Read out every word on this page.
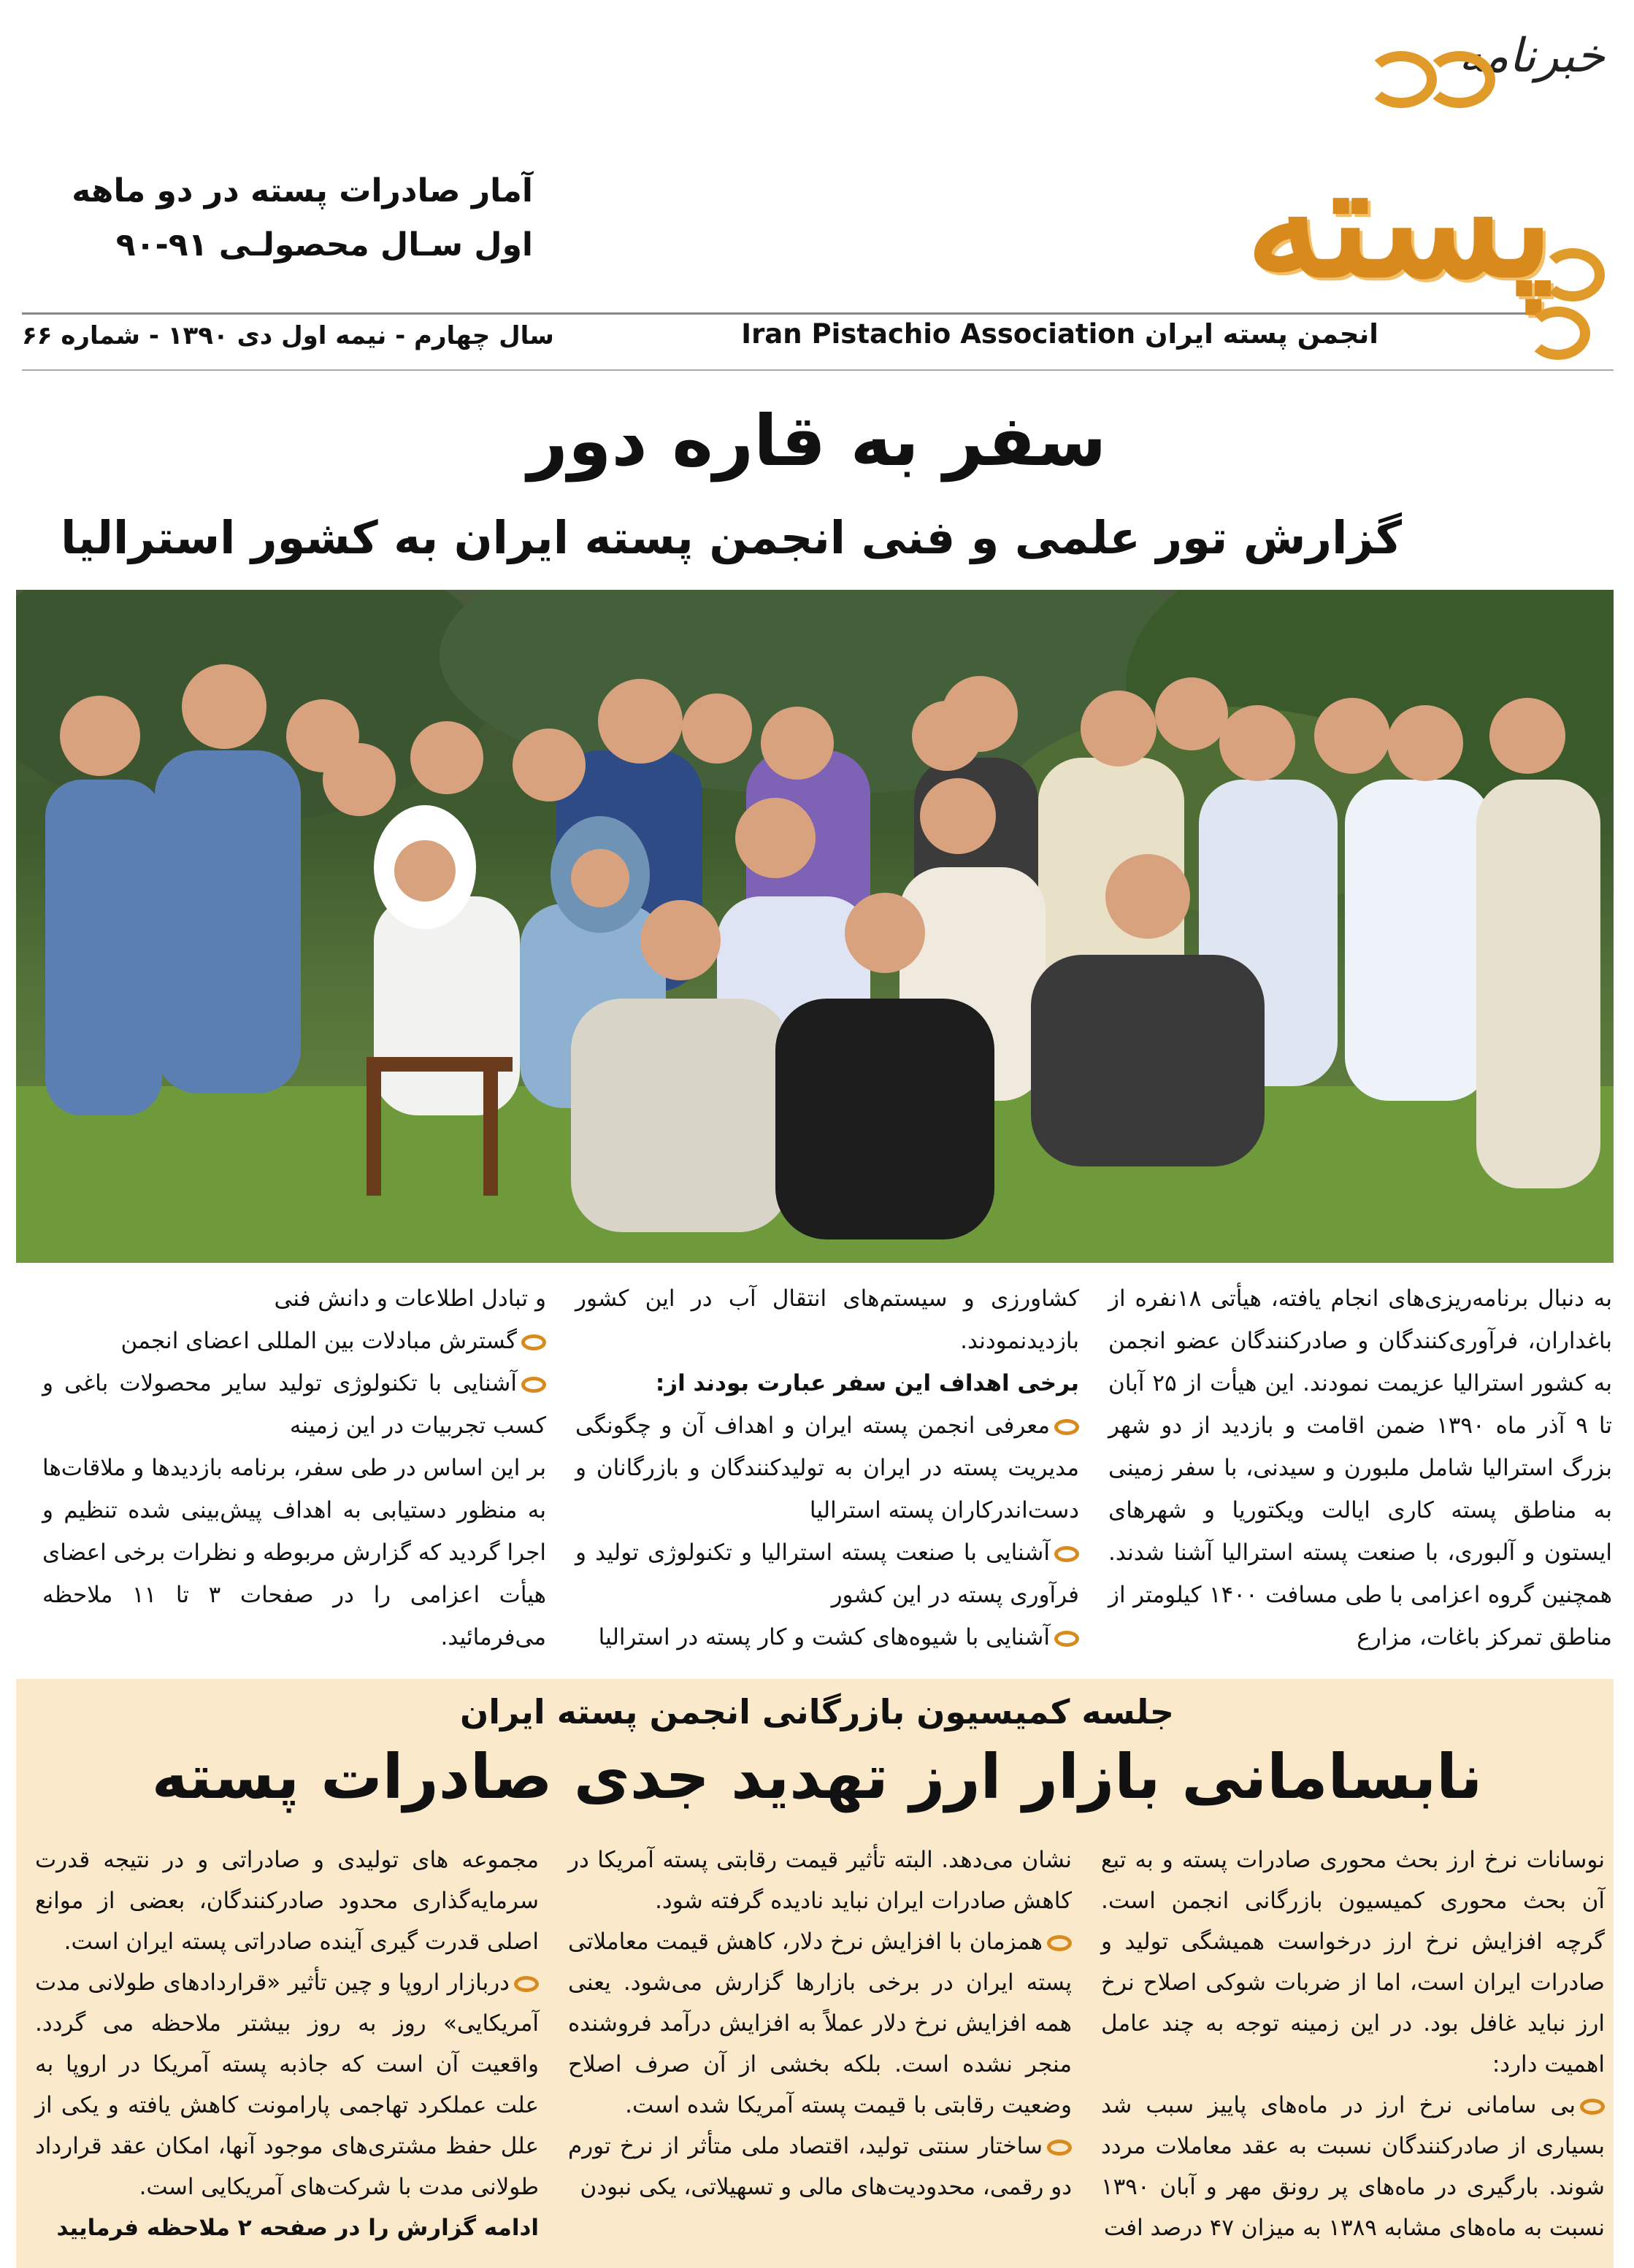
خبرنامه
پسته
آمار صادرات پسته در دو ماهه
اول سـال محصولـی ۹۱-۹۰
انجمن پسته ایران Iran Pistachio Association
سال چهارم - نیمه اول دی ۱۳۹۰ - شماره ۶۶
سفر به قاره دور
گزارش تور علمی و فنی انجمن پسته ایران به کشور استرالیا
به دنبال برنامه‌ریزی‌های انجام یافته، هیأتی ۱۸نفره از باغداران، فرآوری‌کنندگان و صادرکنندگان عضو انجمن به کشور استرالیا عزیمت نمودند. این هیأت از ۲۵ آبان تا ۹ آذر ماه ۱۳۹۰ ضمن اقامت و بازدید از دو شهر بزرگ استرالیا شامل ملبورن و سیدنی، با سفر زمینی به مناطق پسته کاری ایالت ویکتوریا و شهرهای ایستون و آلبوری، با صنعت پسته استرالیا آشنا شدند. همچنین گروه اعزامی با طی مسافت ۱۴۰۰ کیلومتر از مناطق تمرکز باغات، مزارع
کشاورزی و سیستم‌های انتقال آب در این کشور بازدیدنمودند.
برخی اهداف این سفر عبارت بودند از:
معرفی انجمن پسته ایران و اهداف آن و چگونگی مدیریت پسته در ایران به تولیدکنندگان و بازرگانان و دست‌اندرکاران پسته استرالیا
آشنایی با صنعت پسته استرالیا و تکنولوژی تولید و فرآوری پسته در این کشور
آشنایی با شیوه‌های کشت و کار پسته در استرالیا
و تبادل اطلاعات و دانش فنی
گسترش مبادلات بین المللی اعضای انجمن
آشنایی با تکنولوژی تولید سایر محصولات باغی و کسب تجربیات در این زمینه
بر این اساس در طی سفر، برنامه بازدیدها و ملاقات‌ها به منظور دستیابی به اهداف پیش‌بینی شده تنظیم و اجرا گردید که گزارش مربوطه و نظرات برخی اعضای هیأت اعزامی را در صفحات ۳ تا ۱۱ ملاحظه می‌فرمائید.
جلسه کمیسیون بازرگانی انجمن پسته ایران
نابسامانی بازار ارز تهدید جدی صادرات پسته
نوسانات نرخ ارز بحث محوری صادرات پسته و به تبع آن بحث محوری کمیسیون بازرگانی انجمن است. گرچه افزایش نرخ ارز درخواست همیشگی تولید و صادرات ایران است، اما از ضربات شوکی اصلاح نرخ ارز نباید غافل بود. در این زمینه توجه به چند عامل اهمیت دارد:
بی سامانی نرخ ارز در ماه‌های پاییز سبب شد بسیاری از صادرکنندگان نسبت به عقد معاملات مردد شوند. بارگیری در ماه‌های پر رونق مهر و آبان ۱۳۹۰ نسبت به ماه‌های مشابه ۱۳۸۹ به میزان ۴۷ درصد افت
نشان می‌دهد. البته تأثیر قیمت رقابتی پسته آمریکا در کاهش صادرات ایران نباید نادیده گرفته شود.
همزمان با افزایش نرخ دلار، کاهش قیمت معاملاتی پسته ایران در برخی بازارها گزارش می‌شود. یعنی همه افزایش نرخ دلار عملاً به افزایش درآمد فروشنده منجر نشده است. بلکه بخشی از آن صرف اصلاح وضعیت رقابتی با قیمت پسته آمریکا شده است.
ساختار سنتی تولید، اقتصاد ملی متأثر از نرخ تورم دو رقمی، محدودیت‌های مالی و تسهیلاتی، یکی نبودن
مجموعه های تولیدی و صادراتی و در نتیجه قدرت سرمایه‌گذاری محدود صادرکنندگان، بعضی از موانع اصلی قدرت گیری آینده صادراتی پسته ایران است.
دربازار اروپا و چین تأثیر «قراردادهای طولانی مدت آمریکایی» روز به روز بیشتر ملاحظه می گردد. واقعیت آن است که جاذبه پسته آمریکا در اروپا به علت عملکرد تهاجمی پارامونت کاهش یافته و یکی از علل حفظ مشتری‌های موجود آنها، امکان عقد قرارداد طولانی مدت با شرکت‌های آمریکایی است.
ادامه گزارش را در صفحه ۲ ملاحظه فرمایید
